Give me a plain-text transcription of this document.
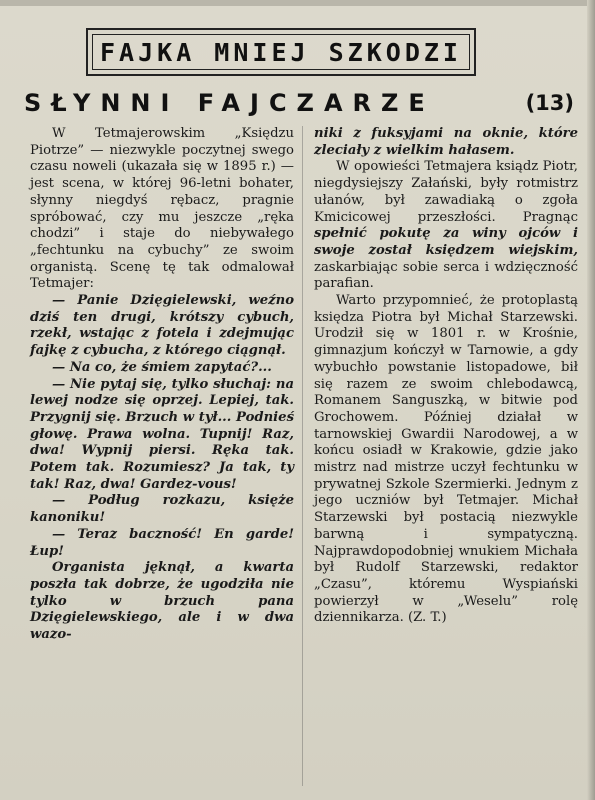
FAJKA MNIEJ SZKODZI
SŁYNNI FAJCZARZE	(13)

W Tetmajerowskim „Księdzu Piotrze” — niezwykle poczytnej swego czasu noweli (ukazała się w 1895 r.) — jest scena, w której 96-letni bohater, słynny niegdyś rębacz, pragnie spróbować, czy mu jeszcze „ręka chodzi” i staje do niebywałego „fechtunku na cybuchy” ze swoim organistą. Scenę tę tak odmalował Tetmajer:

— Panie Dzięgielewski, weźno dziś ten drugi, krótszy cybuch, rzekł, wstając z fotela i zdejmując fajkę z cybucha, z którego ciągnął.

— Na co, że śmiem zapytać?...

— Nie pytaj się, tylko słuchaj: na lewej nodze się oprzej. Lepiej, tak. Przygnij się. Brzuch w tył... Podnieś głowę. Prawa wolna. Tupnij! Raz, dwa! Wypnij piersi. Ręka tak. Potem tak. Rozumiesz? Ja tak, ty tak! Raz, dwa! Gardez-vous!

— Podług rozkazu, księże kanoniku!

— Teraz baczność! En garde! Łup!

Organista jęknął, a kwarta poszła tak dobrze, że ugodziła nie tylko w brzuch pana Dzięgielewskiego, ale i w dwa wazo-

niki z fuksyjami na oknie, które zleciały z wielkim hałasem.

W opowieści Tetmajera ksiądz Piotr, niegdysiejszy Załański, były rotmistrz ułanów, był zawadiaką o zgoła Kmicicowej przeszłości. Pragnąc spełnić pokutę za winy ojców i swoje został księdzem wiejskim, zaskarbiając sobie serca i wdzięczność parafian.

Warto przypomnieć, że protoplastą księdza Piotra był Michał Starzewski. Urodził się w 1801 r. w Krośnie, gimnazjum kończył w Tarnowie, a gdy wybuchło powstanie listopadowe, bił się razem ze swoim chlebodawcą, Romanem Sanguszką, w bitwie pod Grochowem. Później działał w tarnowskiej Gwardii Narodowej, a w końcu osiadł w Krakowie, gdzie jako mistrz nad mistrze uczył fechtunku w prywatnej Szkole Szermierki. Jednym z jego uczniów był Tetmajer. Michał Starzewski był postacią niezwykle barwną i sympatyczną. Najprawdopodobniej wnukiem Michała był Rudolf Starzewski, redaktor „Czasu”, któremu Wyspiański powierzył w „Weselu” rolę dziennikarza. (Z. T.)
